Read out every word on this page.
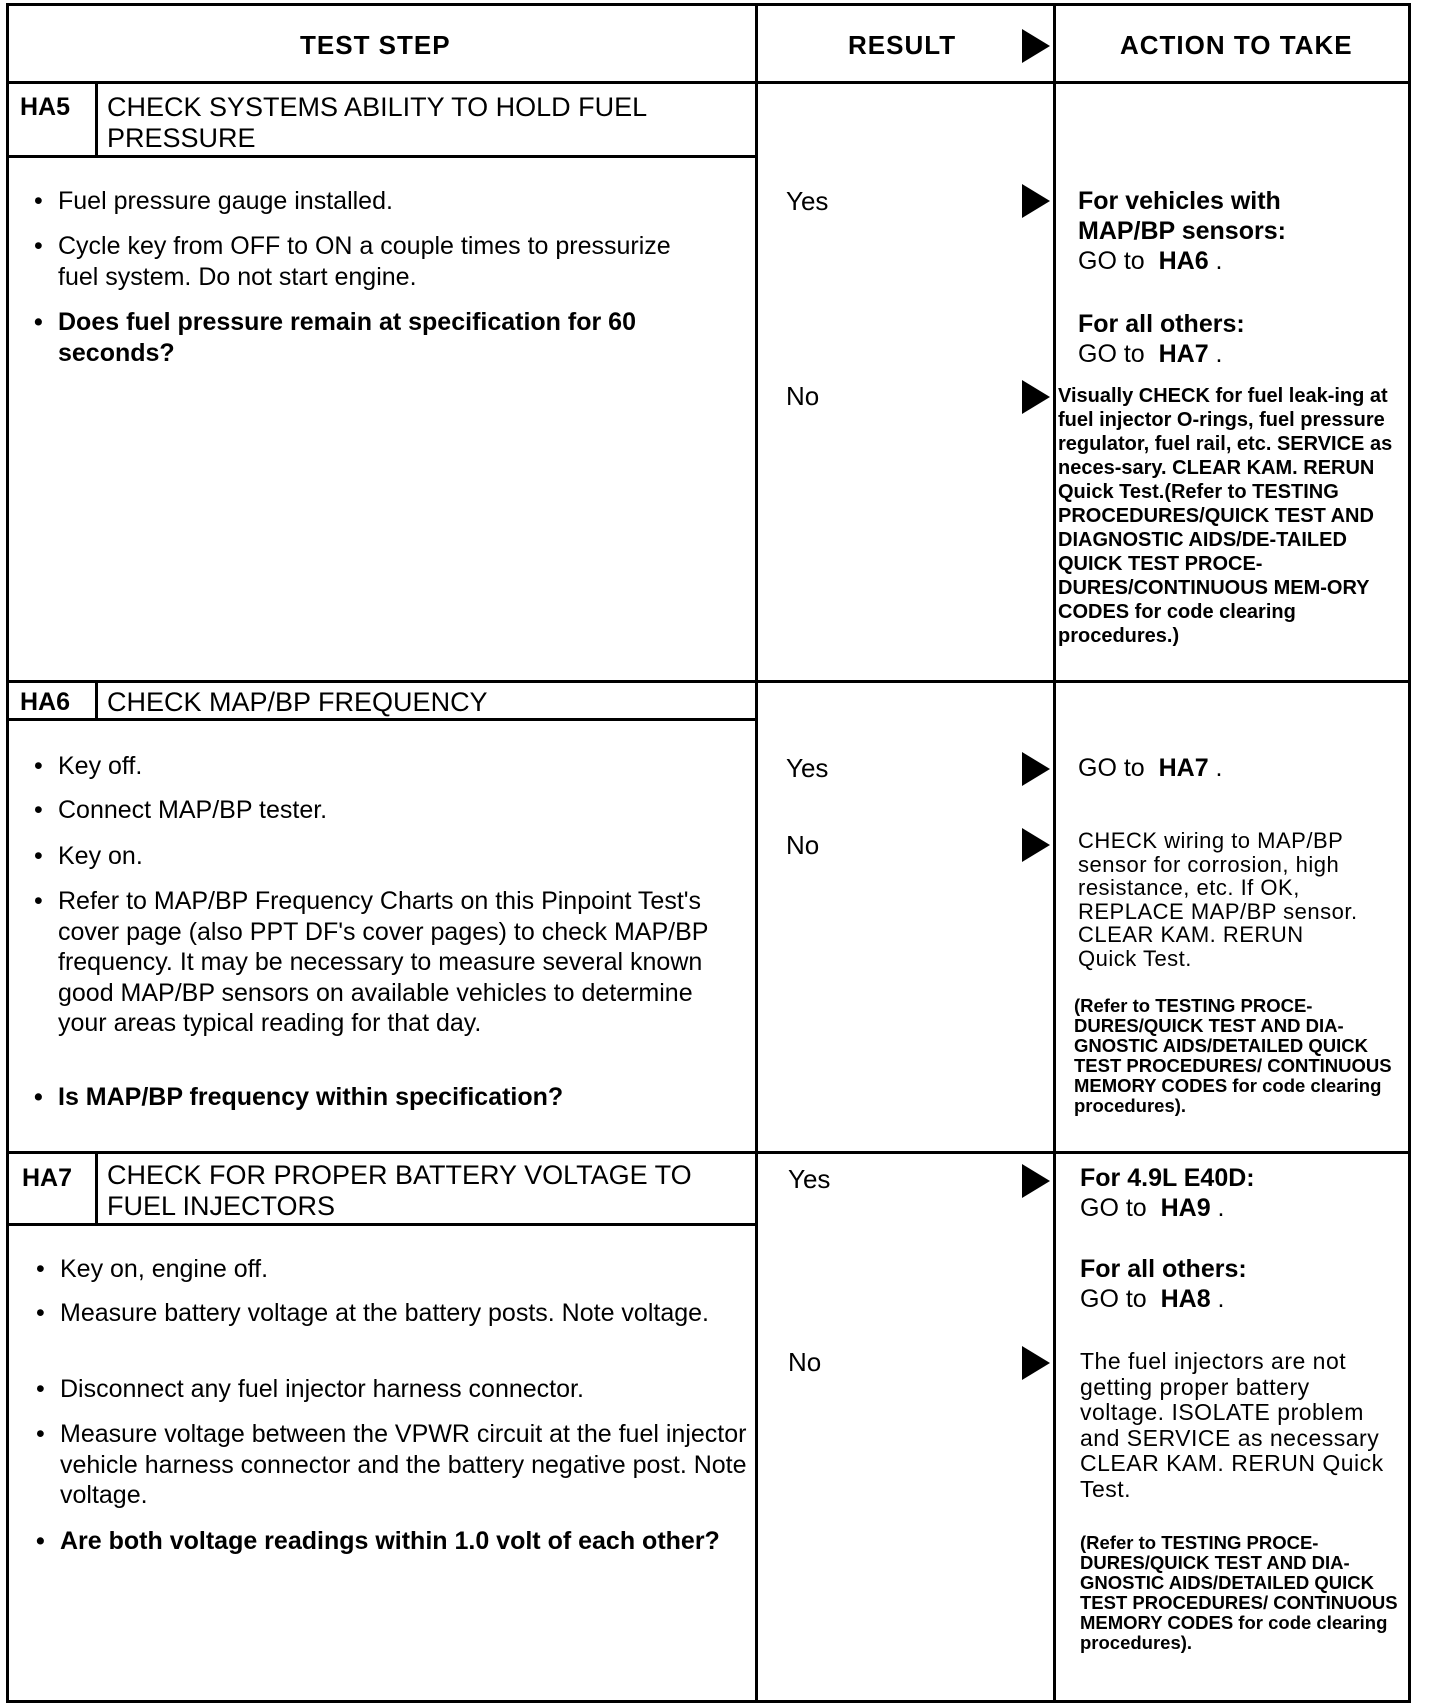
TEST STEP	RESULT	ACTION TO TAKE
HA5 CHECK SYSTEMS ABILITY TO HOLD FUEL PRESSURE
• Fuel pressure gauge installed.
• Cycle key from OFF to ON a couple times to pressurize fuel system. Do not start engine.
• Does fuel pressure remain at specification for 60 seconds?
Yes
No
For vehicles with MAP/BP sensors:
GO to HA6 .
For all others:
GO to HA7 .
Visually CHECK for fuel leak-ing at fuel injector O-rings, fuel pressure regulator, fuel rail, etc. SERVICE as neces-sary. CLEAR KAM. RERUN Quick Test.(Refer to TESTING PROCEDURES/QUICK TEST AND DIAGNOSTIC AIDS/DE-TAILED QUICK TEST PROCE-DURES/CONTINUOUS MEM-ORY CODES for code clearing procedures.)
HA6 CHECK MAP/BP FREQUENCY
• Key off.
• Connect MAP/BP tester.
• Key on.
• Refer to MAP/BP Frequency Charts on this Pinpoint Test's cover page (also PPT DF's cover pages) to check MAP/BP frequency. It may be necessary to measure several known good MAP/BP sensors on available vehicles to determine your areas typical reading for that day.
• Is MAP/BP frequency within specification?
Yes
No
GO to HA7 .
CHECK wiring to MAP/BP sensor for corrosion, high resistance, etc. If OK, REPLACE MAP/BP sensor. CLEAR KAM. RERUN Quick Test.
(Refer to TESTING PROCE-DURES/QUICK TEST AND DIA-GNOSTIC AIDS/DETAILED QUICK TEST PROCEDURES/ CONTINUOUS MEMORY CODES for code clearing procedures).
HA7 CHECK FOR PROPER BATTERY VOLTAGE TO FUEL INJECTORS
• Key on, engine off.
• Measure battery voltage at the battery posts. Note voltage.
• Disconnect any fuel injector harness connector.
• Measure voltage between the VPWR circuit at the fuel injector vehicle harness connector and the battery negative post. Note voltage.
• Are both voltage readings within 1.0 volt of each other?
Yes
No
For 4.9L E40D:
GO to HA9 .
For all others:
GO to HA8 .
The fuel injectors are not getting proper battery voltage. ISOLATE problem and SERVICE as necessary CLEAR KAM. RERUN Quick Test.
(Refer to TESTING PROCE-DURES/QUICK TEST AND DIA-GNOSTIC AIDS/DETAILED QUICK TEST PROCEDURES/ CONTINUOUS MEMORY CODES for code clearing procedures).
